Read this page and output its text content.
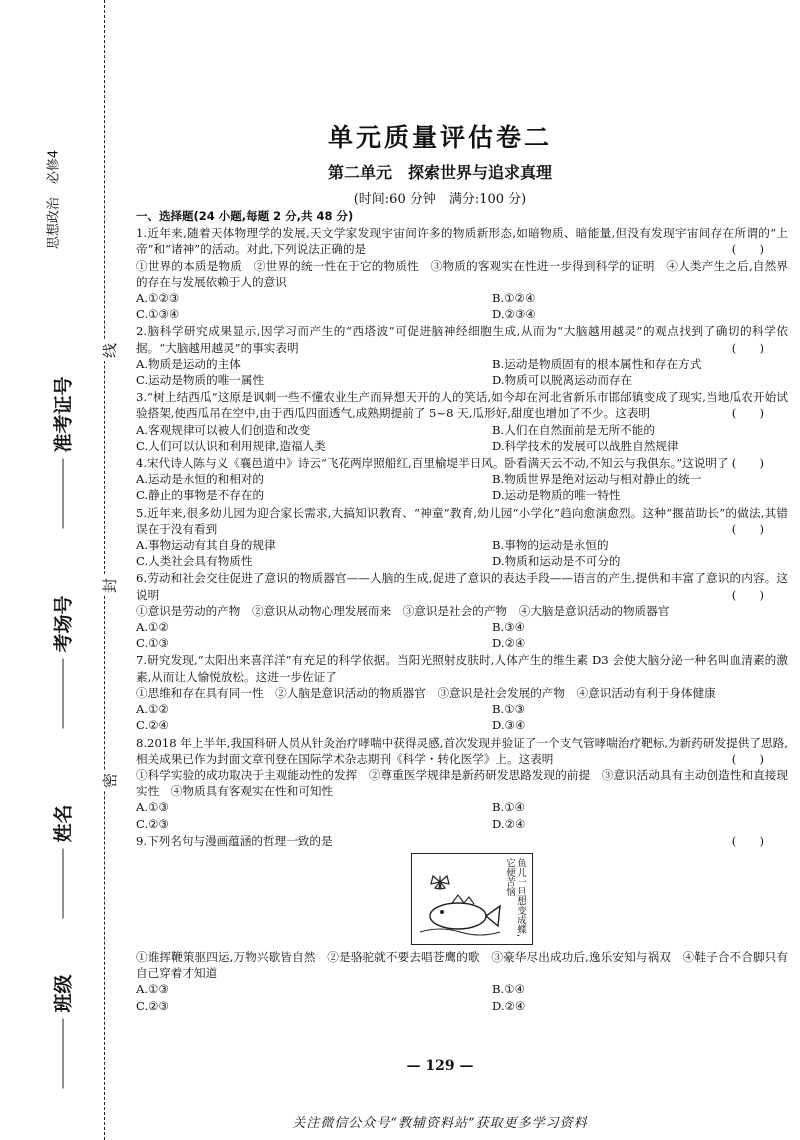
思想政治　必修4
准考证号
考场号
姓名
班级
线
封
密
单元质量评估卷二
第二单元　探索世界与追求真理
(时间:60 分钟　满分:100 分)
一、选择题(24 小题,每题 2 分,共 48 分)
1.近年来,随着天体物理学的发展,天文学家发现宇宙间许多的物质新形态,如暗物质、暗能量,但没有发现宇宙间存在所谓的“上帝”和“诸神”的活动。对此,下列说法正确的是	(　　)
①世界的本质是物质　②世界的统一性在于它的物质性　③物质的客观实在性进一步得到科学的证明　④人类产生之后,自然界的存在与发展依赖于人的意识
A.①②③	B.①②④
C.①③④	D.②③④
2.脑科学研究成果显示,因学习而产生的“西塔波”可促进脑神经细胞生成,从而为“大脑越用越灵”的观点找到了确切的科学依据。“大脑越用越灵”的事实表明	(　　)
A.物质是运动的主体	B.运动是物质固有的根本属性和存在方式
C.运动是物质的唯一属性	D.物质可以脱离运动而存在
3.“树上结西瓜”这原是讽刺一些不懂农业生产而异想天开的人的笑话,如今却在河北省新乐市邯邰镇变成了现实,当地瓜农开始试验搭架,使西瓜吊在空中,由于西瓜四面透气,成熟期提前了 5~8 天,瓜形好,甜度也增加了不少。这表明	(　　)
A.客观规律可以被人们创造和改变	B.人们在自然面前是无所不能的
C.人们可以认识和利用规律,造福人类	D.科学技术的发展可以战胜自然规律
4.宋代诗人陈与义《襄邑道中》诗云“飞花两岸照船红,百里榆堤半日风。卧看满天云不动,不知云与我俱东。”这说明了 (　　)
A.运动是永恒的和相对的	B.物质世界是绝对运动与相对静止的统一
C.静止的事物是不存在的	D.运动是物质的唯一特性
5.近年来,很多幼儿园为迎合家长需求,大搞知识教育、“神童”教育,幼儿园“小学化”趋向愈演愈烈。这种“揠苗助长”的做法,其错误在于没有看到	(　　)
A.事物运动有其自身的规律	B.事物的运动是永恒的
C.人类社会具有物质性	D.物质和运动是不可分的
6.劳动和社会交往促进了意识的物质器官——人脑的生成,促进了意识的表达手段——语言的产生,提供和丰富了意识的内容。这说明	(　　)
①意识是劳动的产物　②意识从动物心理发展而来　③意识是社会的产物　④大脑是意识活动的物质器官
A.①②	B.③④
C.①③	D.②④
7.研究发现,“太阳出来喜洋洋”有充足的科学依据。当阳光照射皮肤时,人体产生的维生素 D3 会使大脑分泌一种名叫血清素的激素,从而让人愉悦放松。这进一步佐证了
①思维和存在具有同一性　②人脑是意识活动的物质器官　③意识是社会发展的产物　④意识活动有利于身体健康
A.①②	B.①③
C.②④	D.③④
8.2018 年上半年,我国科研人员从针灸治疗哮喘中获得灵感,首次发现并验证了一个支气管哮喘治疗靶标,为新药研发提供了思路,相关成果已作为封面文章刊登在国际学术杂志期刊《科学・转化医学》上。这表明	(　　)
①科学实验的成功取决于主观能动性的发挥　②尊重医学规律是新药研发思路发现的前提　③意识活动具有主动创造性和直接现实性　④物质具有客观实在性和可知性
A.①③	B.①④
C.②③	D.②④
9.下列名句与漫画蕴涵的哲理一致的是	(　　)
鱼儿一旦想变成蝶,它便苦恼
①谁挥鞭策驱四运,万物兴歇皆自然　②是骆驼就不要去唱苍鹰的歌　③豪华尽出成功后,逸乐安知与祸双　④鞋子合不合脚只有自己穿着才知道
A.①③	B.①④
C.②③	D.②④
— 129 —
关注微信公众号“教辅资料站”获取更多学习资料
